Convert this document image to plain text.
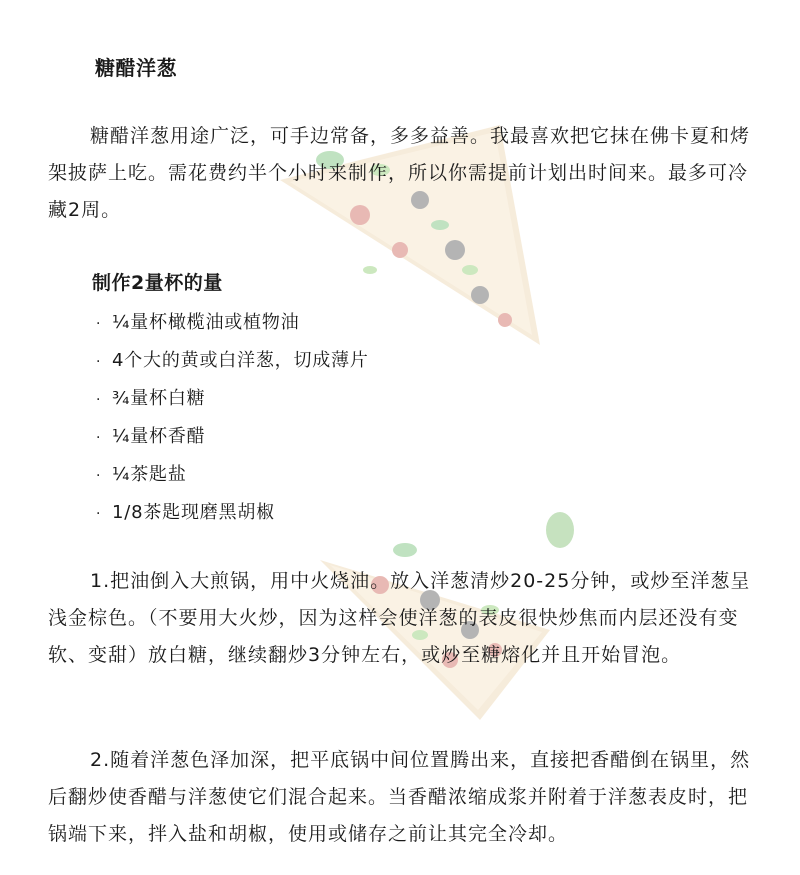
糖醋洋葱

糖醋洋葱用途广泛，可手边常备，多多益善。我最喜欢把它抹在佛卡夏和烤架披萨上吃。需花费约半个小时来制作，所以你需提前计划出时间来。最多可冷藏2周。

制作2量杯的量
· ¼量杯橄榄油或植物油
· 4个大的黄或白洋葱，切成薄片
· ¾量杯白糖
· ¼量杯香醋
· ¼茶匙盐
· 1/8茶匙现磨黑胡椒

1.把油倒入大煎锅，用中火烧油。放入洋葱清炒20-25分钟，或炒至洋葱呈浅金棕色。（不要用大火炒，因为这样会使洋葱的表皮很快炒焦而内层还没有变软、变甜）放白糖，继续翻炒3分钟左右，或炒至糖熔化并且开始冒泡。

2.随着洋葱色泽加深，把平底锅中间位置腾出来，直接把香醋倒在锅里，然后翻炒使香醋与洋葱使它们混合起来。当香醋浓缩成浆并附着于洋葱表皮时，把锅端下来，拌入盐和胡椒，使用或储存之前让其完全冷却。
